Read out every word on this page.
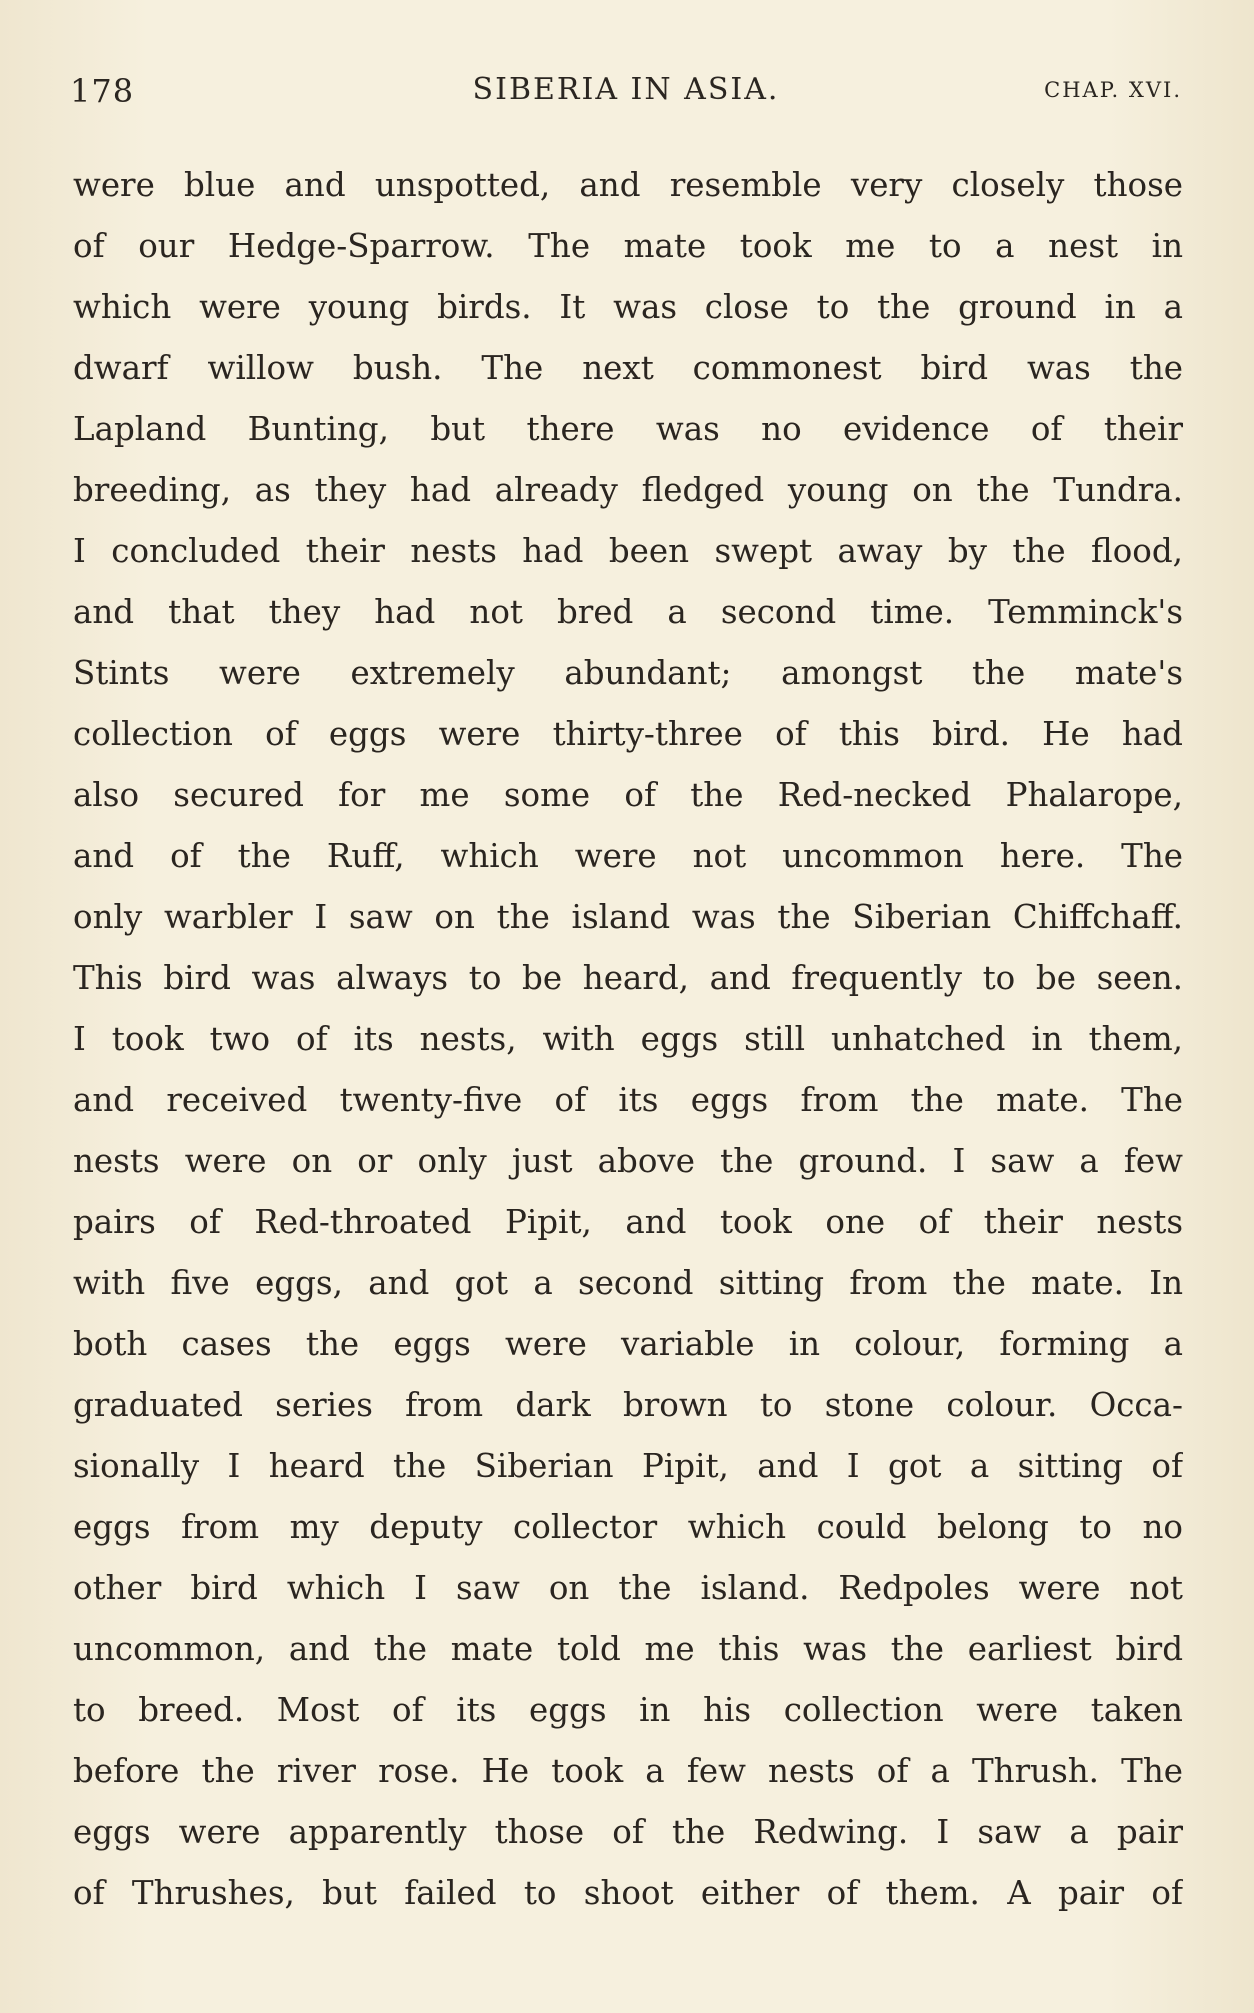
178	SIBERIA IN ASIA.	CHAP. XVI.
were blue and unspotted, and resemble very closely those
of our Hedge-Sparrow. The mate took me to a nest in
which were young birds. It was close to the ground in a
dwarf willow bush. The next commonest bird was the
Lapland Bunting, but there was no evidence of their
breeding, as they had already fledged young on the Tundra.
I concluded their nests had been swept away by the flood,
and that they had not bred a second time. Temminck's
Stints were extremely abundant; amongst the mate's
collection of eggs were thirty-three of this bird. He had
also secured for me some of the Red-necked Phalarope,
and of the Ruff, which were not uncommon here. The
only warbler I saw on the island was the Siberian Chiffchaff.
This bird was always to be heard, and frequently to be seen.
I took two of its nests, with eggs still unhatched in them,
and received twenty-five of its eggs from the mate. The
nests were on or only just above the ground. I saw a few
pairs of Red-throated Pipit, and took one of their nests
with five eggs, and got a second sitting from the mate. In
both cases the eggs were variable in colour, forming a
graduated series from dark brown to stone colour. Occa-
sionally I heard the Siberian Pipit, and I got a sitting of
eggs from my deputy collector which could belong to no
other bird which I saw on the island. Redpoles were not
uncommon, and the mate told me this was the earliest bird
to breed. Most of its eggs in his collection were taken
before the river rose. He took a few nests of a Thrush. The
eggs were apparently those of the Redwing. I saw a pair
of Thrushes, but failed to shoot either of them. A pair of
